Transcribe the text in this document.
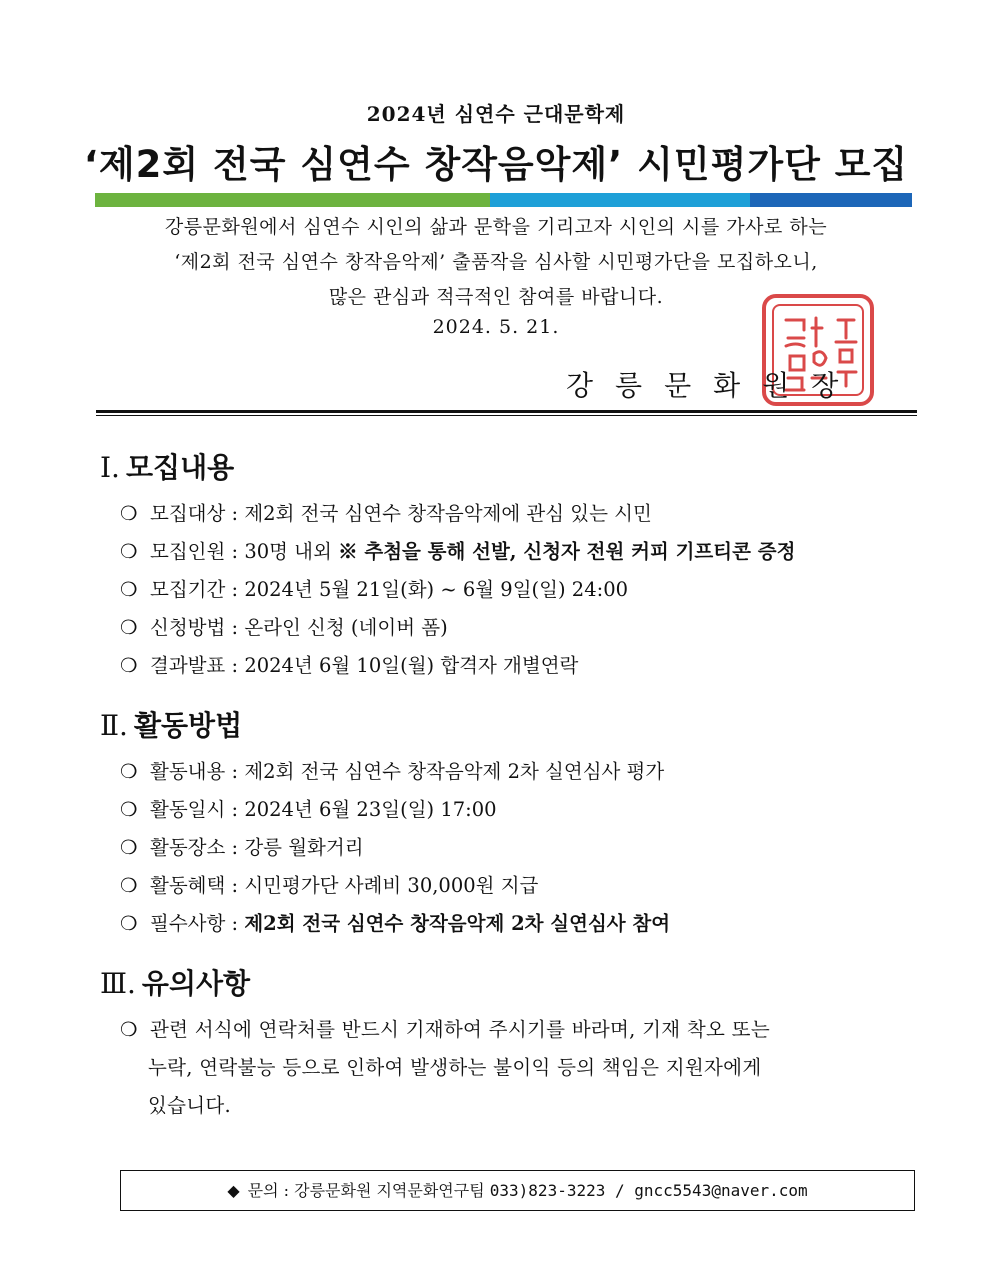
2024년 심연수 근대문학제
‘제2회 전국 심연수 창작음악제’ 시민평가단 모집
강릉문화원에서 심연수 시인의 삶과 문학을 기리고자 시인의 시를 가사로 하는
‘제2회 전국 심연수 창작음악제’ 출품작을 심사할 시민평가단을 모집하오니,
많은 관심과 적극적인 참여를 바랍니다.
2024. 5. 21.
강릉문화원장
Ⅰ. 모집내용
❍ 모집대상 : 제2회 전국 심연수 창작음악제에 관심 있는 시민
❍ 모집인원 : 30명 내외 ※ 추첨을 통해 선발, 신청자 전원 커피 기프티콘 증정
❍ 모집기간 : 2024년 5월 21일(화) ~ 6월 9일(일) 24:00
❍ 신청방법 : 온라인 신청 (네이버 폼)
❍ 결과발표 : 2024년 6월 10일(월) 합격자 개별연락
Ⅱ. 활동방법
❍ 활동내용 : 제2회 전국 심연수 창작음악제 2차 실연심사 평가
❍ 활동일시 : 2024년 6월 23일(일) 17:00
❍ 활동장소 : 강릉 월화거리
❍ 활동혜택 : 시민평가단 사례비 30,000원 지급
❍ 필수사항 : 제2회 전국 심연수 창작음악제 2차 실연심사 참여
Ⅲ. 유의사항
❍ 관련 서식에 연락처를 반드시 기재하여 주시기를 바라며, 기재 착오 또는
누락, 연락불능 등으로 인하여 발생하는 불이익 등의 책임은 지원자에게
있습니다.
◆ 문의 : 강릉문화원 지역문화연구팀 033)823-3223 / gncc5543@naver.com
